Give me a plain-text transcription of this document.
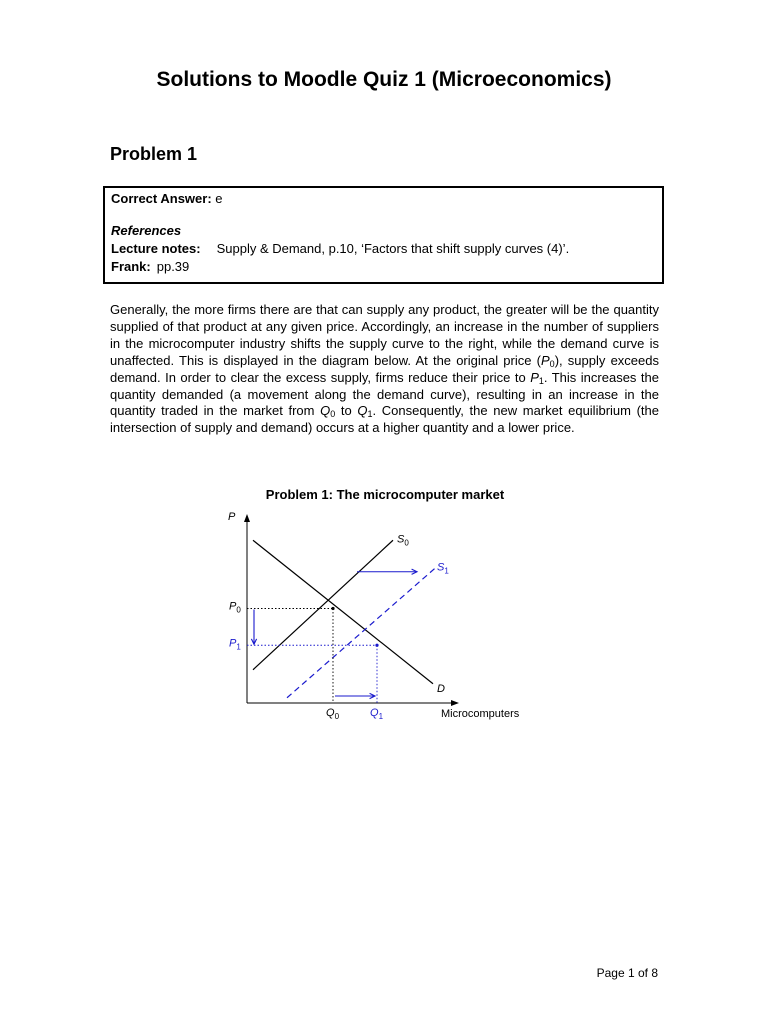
Solutions to Moodle Quiz 1 (Microeconomics)
Problem 1
Correct Answer: e
References
Lecture notes: Supply & Demand, p.10, ‘Factors that shift supply curves (4)’.
Frank: pp.39

Generally, the more firms there are that can supply any product, the greater will be the quantity supplied of that product at any given price. Accordingly, an increase in the number of suppliers in the microcomputer industry shifts the supply curve to the right, while the demand curve is unaffected. This is displayed in the diagram below. At the original price $(P_0)$, supply exceeds demand. In order to clear the excess supply, firms reduce their price to $P_1$. This increases the quantity demanded (a movement along the demand curve), resulting in an increase in the quantity traded in the market from $Q_0$ to $Q_1$. Consequently, the new market equilibrium (the intersection of supply and demand) occurs at a higher quantity and a lower price.

Problem 1: The microcomputer market
P
Microcomputers
$S_0$
$S_1$
D
$P_0$
$Q_0$
$P_1$
$Q_1$
Page 1 of 8
